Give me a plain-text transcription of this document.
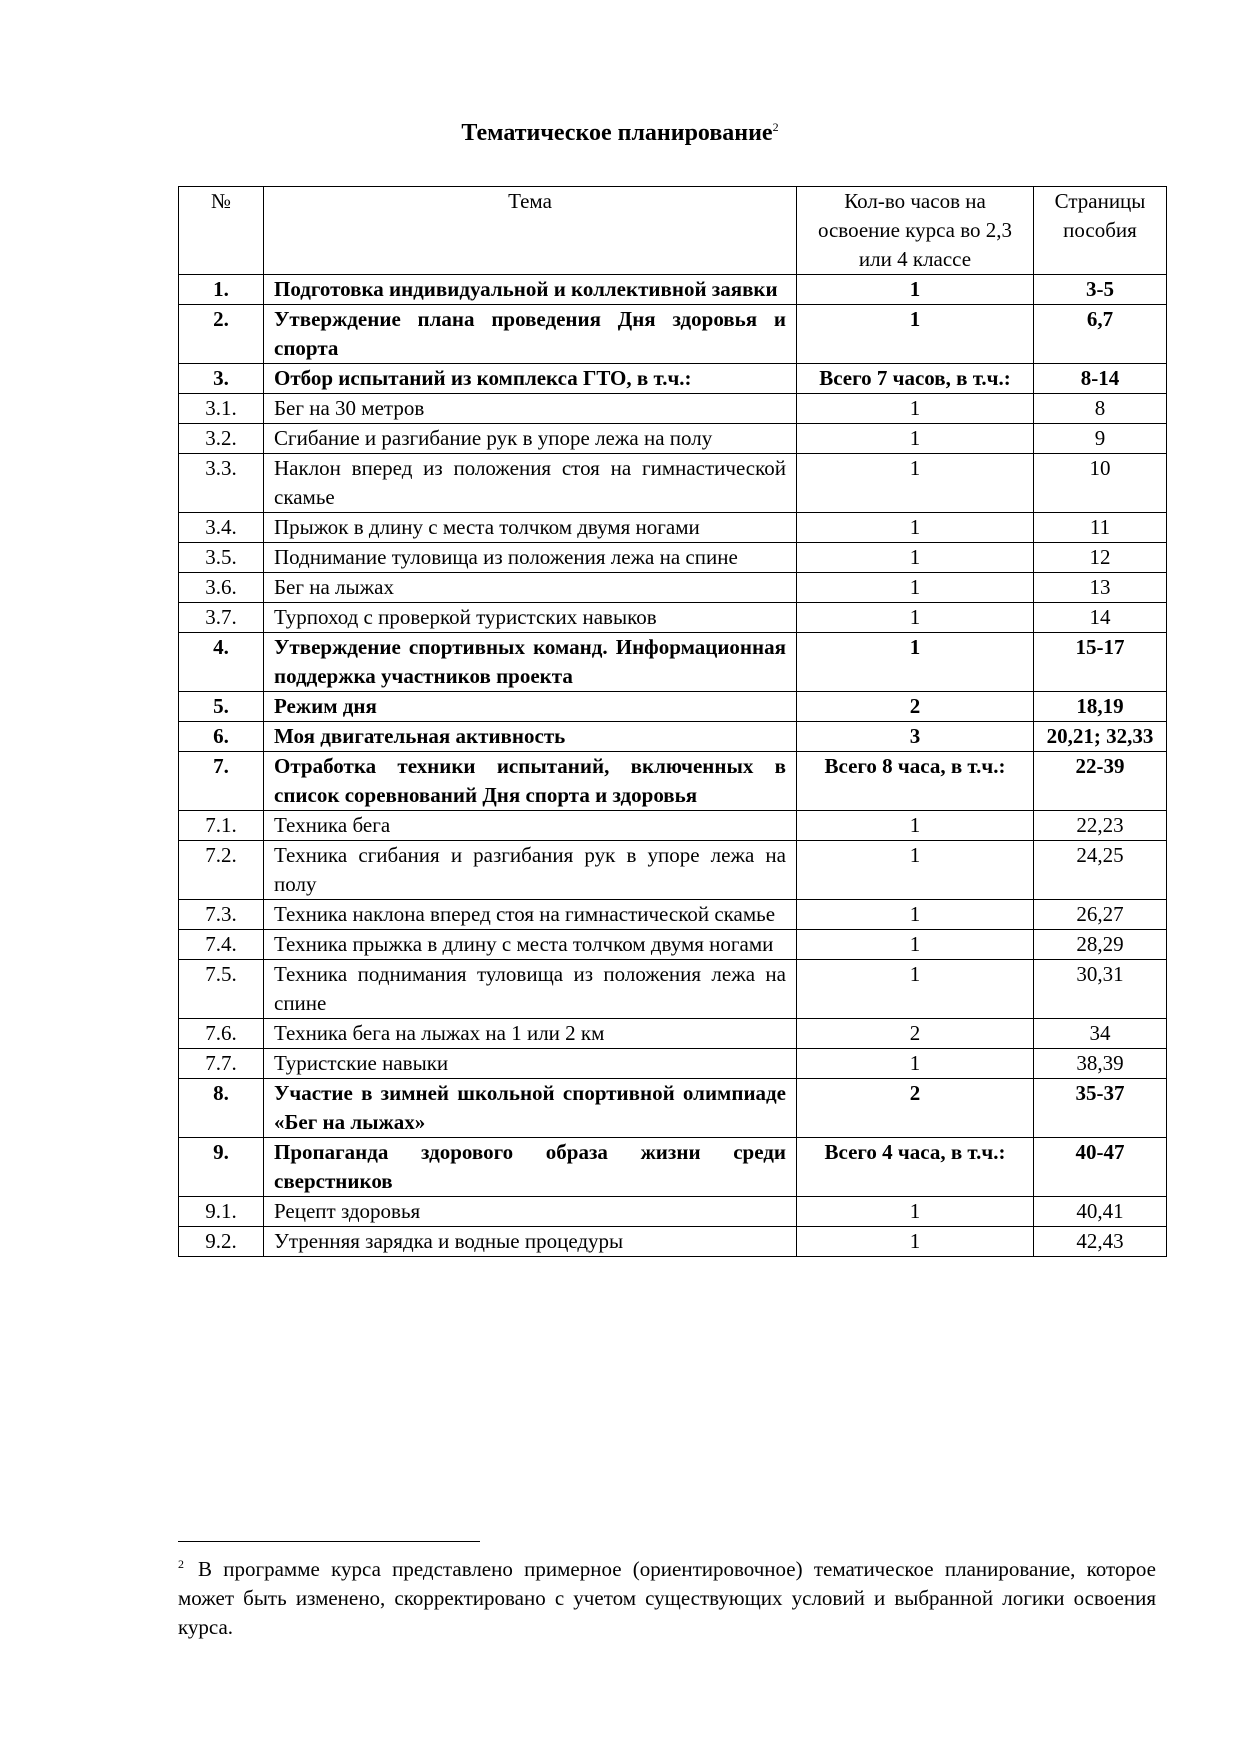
Тематическое планирование$^2$
№	Тема	Кол-во часов на освоение курса во 2,3 или 4 классе	Страницы пособия
1.	Подготовка индивидуальной и коллективной заявки	1	3-5
2.	Утверждение плана проведения Дня здоровья и спорта	1	6,7
3.	Отбор испытаний из комплекса ГТО, в т.ч.:	Всего 7 часов, в т.ч.:	8-14
3.1.	Бег на 30 метров	1	8
3.2.	Сгибание и разгибание рук в упоре лежа на полу	1	9
3.3.	Наклон вперед из положения стоя на гимнастической скамье	1	10
3.4.	Прыжок в длину с места толчком двумя ногами	1	11
3.5.	Поднимание туловища из положения лежа на спине	1	12
3.6.	Бег на лыжах	1	13
3.7.	Турпоход с проверкой туристских навыков	1	14
4.	Утверждение спортивных команд. Информационная поддержка участников проекта	1	15-17
5.	Режим дня	2	18,19
6.	Моя двигательная активность	3	20,21; 32,33
7.	Отработка техники испытаний, включенных в список соревнований Дня спорта и здоровья	Всего 8 часа, в т.ч.:	22-39
7.1.	Техника бега	1	22,23
7.2.	Техника сгибания и разгибания рук в упоре лежа на полу	1	24,25
7.3.	Техника наклона вперед стоя на гимнастической скамье	1	26,27
7.4.	Техника прыжка в длину с места толчком двумя ногами	1	28,29
7.5.	Техника поднимания туловища из положения лежа на спине	1	30,31
7.6.	Техника бега на лыжах на 1 или 2 км	2	34
7.7.	Туристские навыки	1	38,39
8.	Участие в зимней школьной спортивной олимпиаде «Бег на лыжах»	2	35-37
9.	Пропаганда здорового образа жизни среди сверстников	Всего 4 часа, в т.ч.:	40-47
9.1.	Рецепт здоровья	1	40,41
9.2.	Утренняя зарядка и водные процедуры	1	42,43
$^2$ В программе курса представлено примерное (ориентировочное) тематическое планирование, которое может быть изменено, скорректировано с учетом существующих условий и выбранной логики освоения курса.
